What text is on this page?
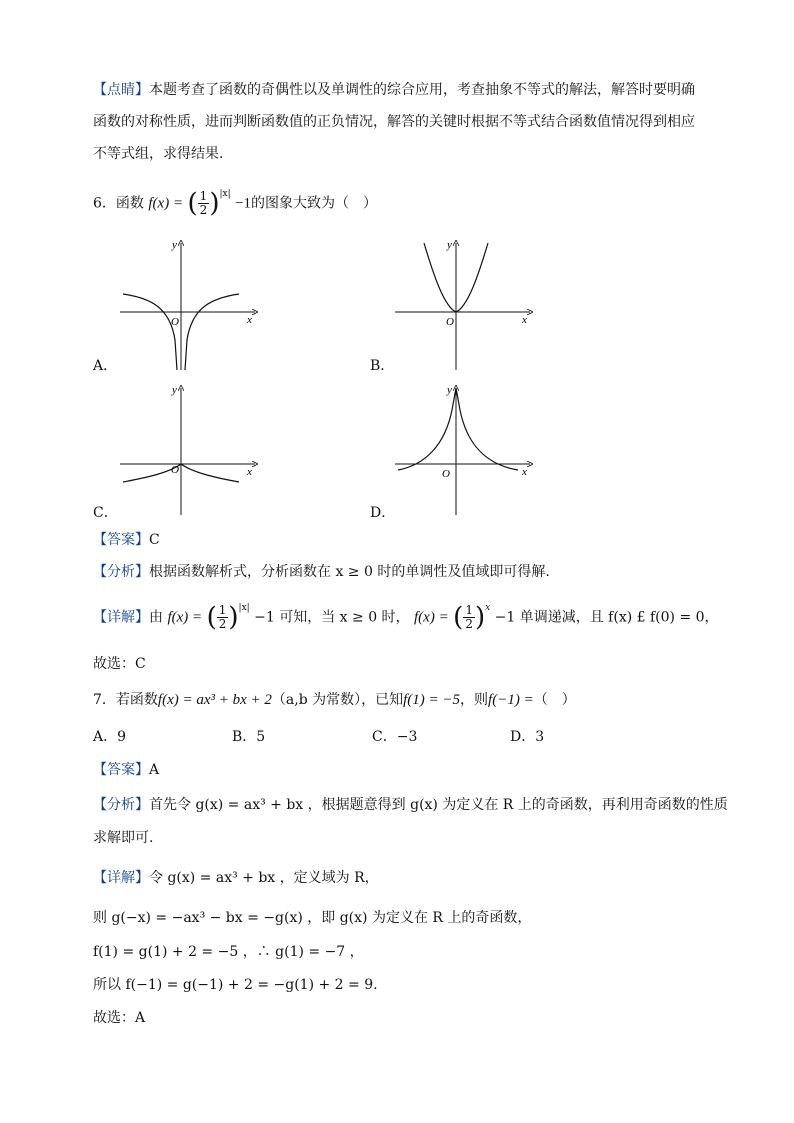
【点睛】本题考查了函数的奇偶性以及单调性的综合应用，考查抽象不等式的解法，解答时要明确
函数的对称性质，进而判断函数值的正负情况，解答的关键时根据不等式结合函数值情况得到相应
不等式组，求得结果.
6．函数 f(x) = ( $\frac{1}{2} )^{|x|} -1$的图象大致为（　）
O	x
y
A．
O	x
y
B．
O	x
y
C．
O	x
y
D．
【答案】C
【分析】根据函数解析式，分析函数在 x ≥ 0 时的单调性及值域即可得解.
【详解】由 f(x) = ( $\frac{1}{2} )^{|x|} -1$ 可知，当 x ≥ 0 时， f(x) = ( $\frac{1}{2} )^x -1$ 单调递减，且 f(x) £ f(0) = 0，
故选：C
7．若函数f(x) = ax³ + bx + 2（a,b 为常数），已知f(1) = −5，则f(−1) =（　）
A．9	B．5	C．−3	D．3
【答案】A
【分析】首先令 g(x) = ax³ + bx ，根据题意得到 g(x) 为定义在 R 上的奇函数，再利用奇函数的性质
求解即可.
【详解】令 g(x) = ax³ + bx ，定义域为 R，
则 g(−x) = −ax³ − bx = −g(x) ，即 g(x) 为定义在 R 上的奇函数，
f(1) = g(1) + 2 = −5 ，∴ g(1) = −7 ，
所以 f(−1) = g(−1) + 2 = −g(1) + 2 = 9.
故选：A
